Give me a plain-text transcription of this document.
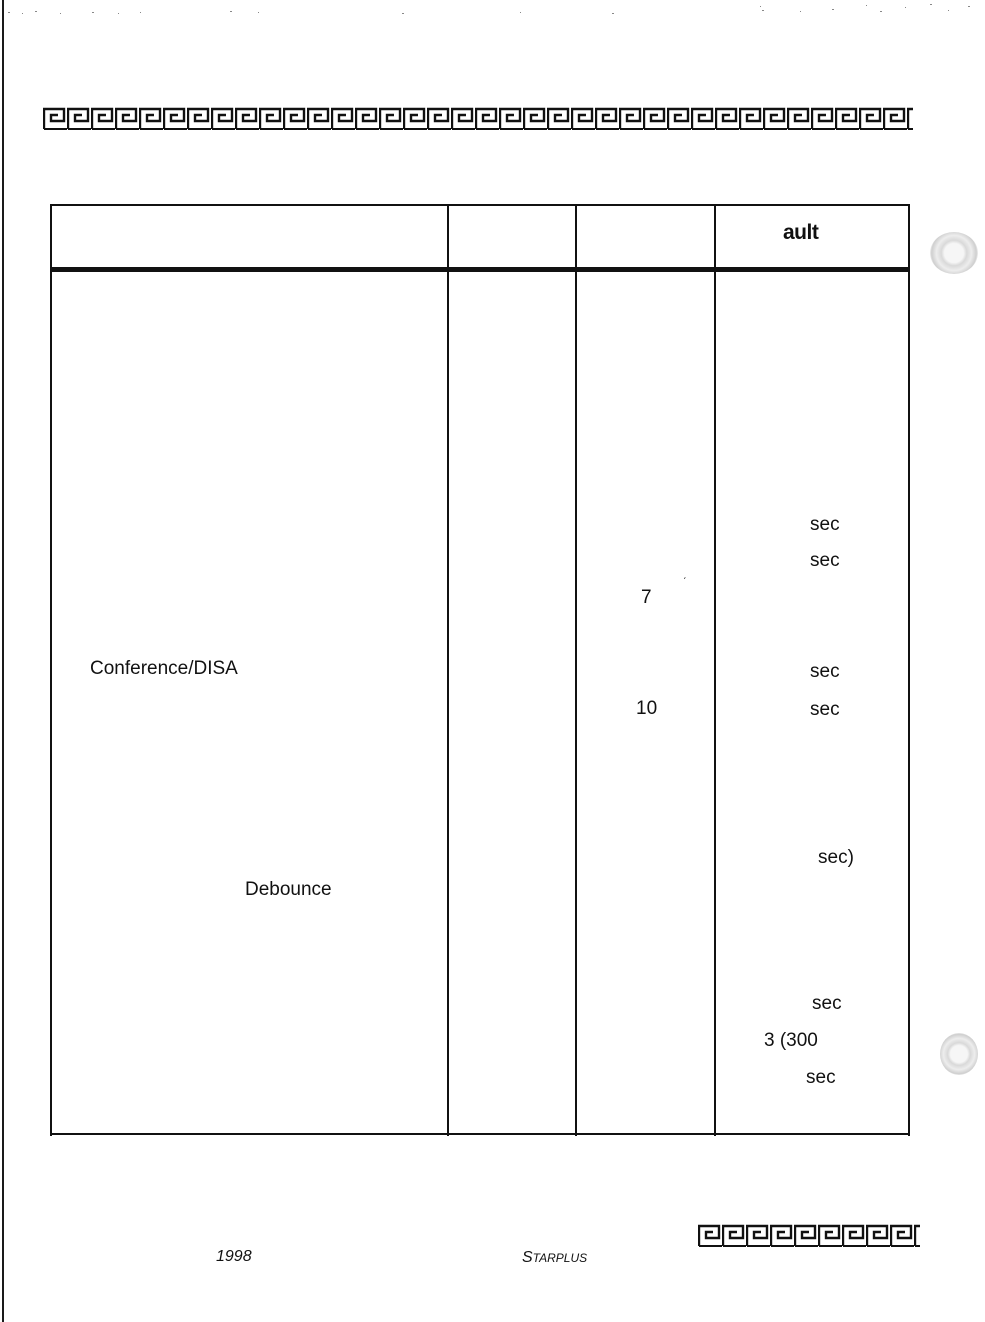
ault
Conference/DISA
Debounce
7
ˊ
10
sec
sec
sec
sec
sec)
sec
3 (300
sec
1998	STARPLUS
